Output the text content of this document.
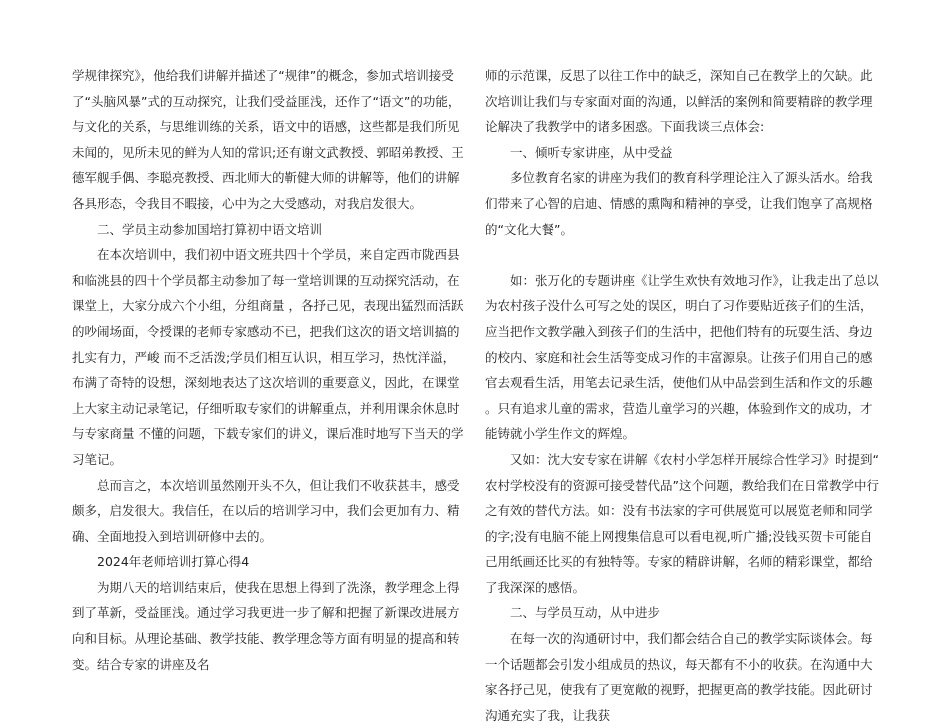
学规律探究》，他给我们讲解并描述了“规律”的概念，参加式培训接受了“头脑风暴”式的互动探究，让我们受益匪浅，还作了“语文”的功能，与文化的关系，与思维训练的关系，语文中的语感，这些都是我们所见未闻的，见所未见的鲜为人知的常识;还有谢文武教授、郭昭弟教授、王德军舰手偶、李聪亮教授、西北师大的靳健大师的讲解等，他们的讲解各具形态，令我目不暇接，心中为之大受感动，对我启发很大。

二、学员主动参加国培打算初中语文培训

在本次培训中，我们初中语文班共四十个学员，来自定西市陇西县和临洮县的四十个学员都主动参加了每一堂培训课的互动探究活动，在课堂上，大家分成六个小组，分组商量 ，各抒己见，表现出猛烈而活跃的吵闹场面，令授课的老师专家感动不已，把我们这次的语文培训搞的扎实有力，严峻 而不乏活泼;学员们相互认识，相互学习，热忱洋溢，布满了奇特的设想，深刻地表达了这次培训的重要意义，因此，在课堂上大家主动记录笔记，仔细听取专家们的讲解重点，并利用课余休息时与专家商量 不懂的问题，下载专家们的讲义，课后准时地写下当天的学习笔记。

总而言之，本次培训虽然刚开头不久，但让我们不收获甚丰，感受颇多，启发很大。我信任，在以后的培训学习中，我们会更加有力、精确、全面地投入到培训研修中去的。

2024年老师培训打算心得4

为期八天的培训结束后，使我在思想上得到了洗涤，教学理念上得到了革新，受益匪浅。通过学习我更进一步了解和把握了新课改进展方向和目标。从理论基础、教学技能、教学理念等方面有明显的提高和转变。结合专家的讲座及名

师的示范课，反思了以往工作中的缺乏，深知自己在教学上的欠缺。此次培训让我们与专家面对面的沟通，以鲜活的案例和简要精辟的教学理论解决了我教学中的诸多困惑。下面我谈三点体会:

一、倾听专家讲座，从中受益

多位教育名家的讲座为我们的教育科学理论注入了源头活水。给我们带来了心智的启迪、情感的熏陶和精神的享受，让我们饱享了高规格的“文化大餐”。

如：张万化的专题讲座《让学生欢快有效地习作》，让我走出了总以为农村孩子没什么可写之处的误区，明白了习作要贴近孩子们的生活，应当把作文教学融入到孩子们的生活中，把他们特有的玩耍生活、身边的校内、家庭和社会生活等变成习作的丰富源泉。让孩子们用自己的感官去观看生活，用笔去记录生活，使他们从中品尝到生活和作文的乐趣。只有追求儿童的需求，营造儿童学习的兴趣，体验到作文的成功，才能铸就小学生作文的辉煌。

又如：沈大安专家在讲解《农村小学怎样开展综合性学习》时提到“农村学校没有的资源可接受替代品”这个问题，教给我们在日常教学中行之有效的替代方法。如：没有书法家的字可供展览可以展览老师和同学的字;没有电脑不能上网搜集信息可以看电视,听广播;没钱买贺卡可能自己用纸画还比买的有独特等。专家的精辟讲解，名师的精彩课堂，都给了我深深的感悟。

二、与学员互动，从中进步

在每一次的沟通研讨中，我们都会结合自己的教学实际谈体会。每一个话题都会引发小组成员的热议，每天都有不小的收获。在沟通中大家各抒己见，使我有了更宽敞的视野，把握更高的教学技能。因此研讨沟通充实了我，让我获
